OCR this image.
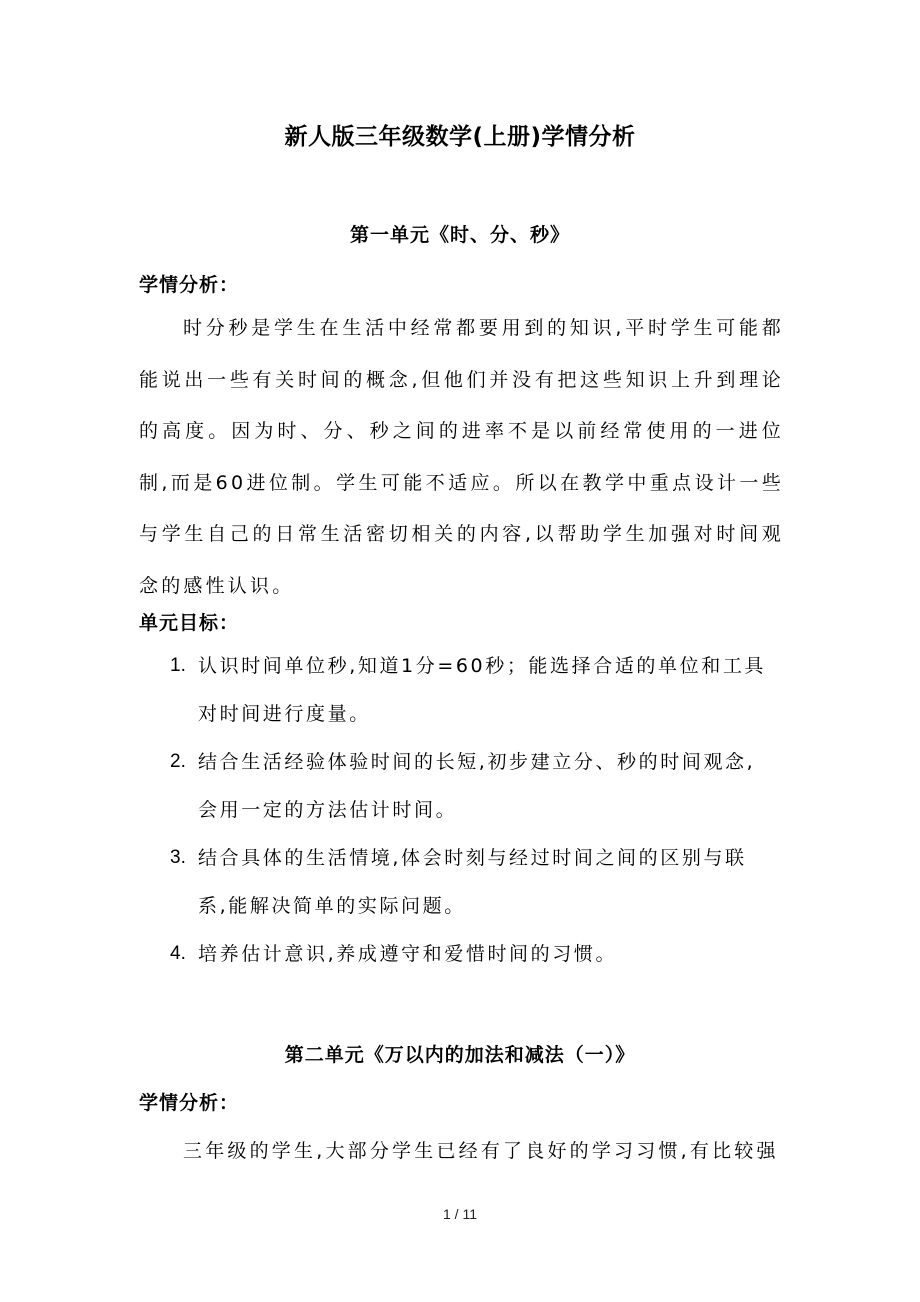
新人版三年级数学(上册)学情分析
第一单元《时、分、秒》
学情分析：

时分秒是学生在生活中经常都要用到的知识,平时学生可能都能说出一些有关时间的概念,但他们并没有把这些知识上升到理论的高度。因为时、分、秒之间的进率不是以前经常使用的一进位制,而是60进位制。学生可能不适应。所以在教学中重点设计一些与学生自己的日常生活密切相关的内容,以帮助学生加强对时间观念的感性认识。

单元目标：
1. 认识时间单位秒,知道1分=60秒；能选择合适的单位和工具对时间进行度量。
2. 结合生活经验体验时间的长短,初步建立分、秒的时间观念,会用一定的方法估计时间。
3. 结合具体的生活情境,体会时刻与经过时间之间的区别与联系,能解决简单的实际问题。
4. 培养估计意识,养成遵守和爱惜时间的习惯。
第二单元《万以内的加法和减法（一）》
学情分析：

三年级的学生,大部分学生已经有了良好的学习习惯,有比较强

1 / 11
